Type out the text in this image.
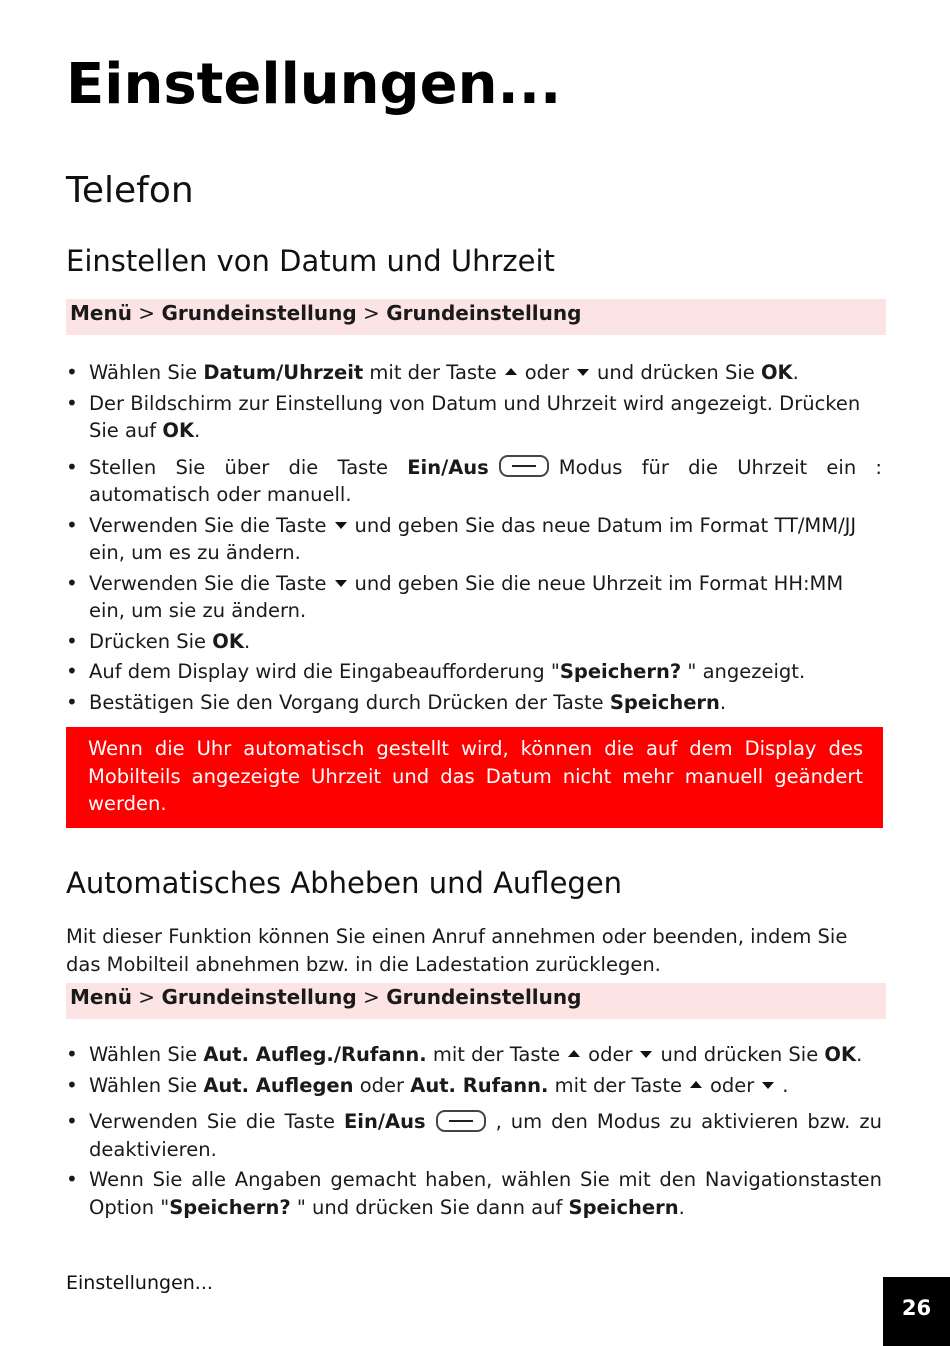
Einstellungen...
Telefon
Einstellen von Datum und Uhrzeit
Menü > Grundeinstellung > Grundeinstellung
• Wählen Sie Datum/Uhrzeit mit der Taste oder und drücken Sie OK.
• Der Bildschirm zur Einstellung von Datum und Uhrzeit wird angezeigt. Drücken Sie auf OK.
• Stellen Sie über die Taste Ein/Aus	Modus für die Uhrzeit ein :
automatisch oder manuell.
• Verwenden Sie die Taste und geben Sie das neue Datum im Format TT/MM/JJ ein, um es zu ändern.
• Verwenden Sie die Taste und geben Sie die neue Uhrzeit im Format HH:MM ein, um sie zu ändern.
• Drücken Sie OK.
• Auf dem Display wird die Eingabeaufforderung "Speichern? " angezeigt.
• Bestätigen Sie den Vorgang durch Drücken der Taste Speichern.
Wenn die Uhr automatisch gestellt wird, können die auf dem Display des Mobilteils angezeigte Uhrzeit und das Datum nicht mehr manuell geändert werden.
Automatisches Abheben und Auflegen
Mit dieser Funktion können Sie einen Anruf annehmen oder beenden, indem Sie das Mobilteil abnehmen bzw. in die Ladestation zurücklegen.
Menü > Grundeinstellung > Grundeinstellung
• Wählen Sie Aut. Aufleg./Rufann. mit der Taste oder und drücken Sie OK.
• Wählen Sie Aut. Auflegen oder Aut. Rufann. mit der Taste oder .
• Verwenden Sie die Taste Ein/Aus	, um den Modus zu aktivieren bzw. zu
deaktivieren.
• Wenn Sie alle Angaben gemacht haben, wählen Sie mit den Navigationstasten
Option "Speichern? " und drücken Sie dann auf Speichern.
Einstellungen...
26
